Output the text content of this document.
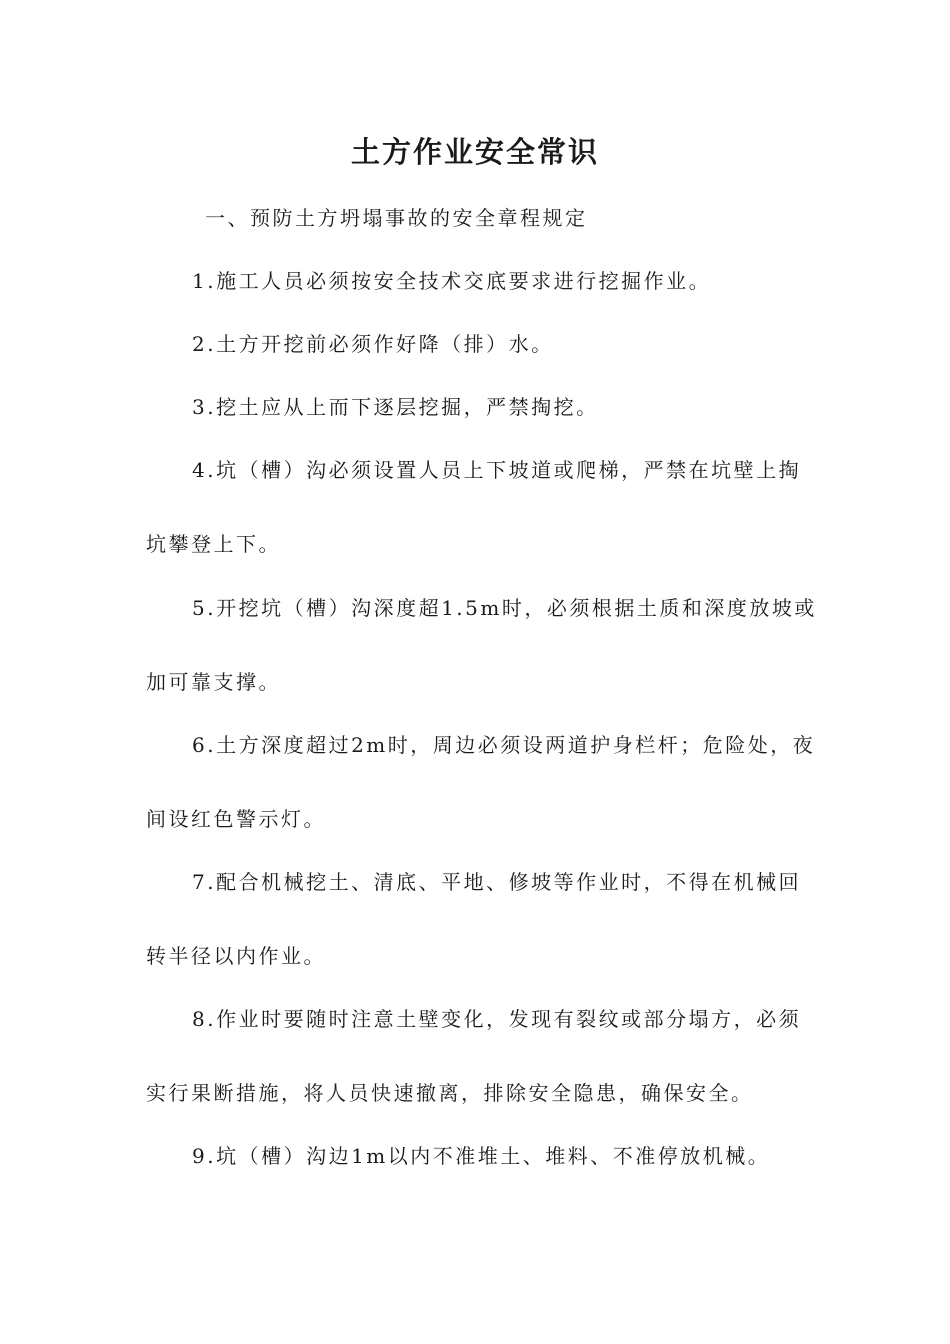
土方作业安全常识
一、预防土方坍塌事故的安全章程规定
1.施工人员必须按安全技术交底要求进行挖掘作业。
2.土方开挖前必须作好降（排）水。
3.挖土应从上而下逐层挖掘，严禁掏挖。
4.坑（槽）沟必须设置人员上下坡道或爬梯，严禁在坑壁上掏
坑攀登上下。
5.开挖坑（槽）沟深度超1.5m时，必须根据土质和深度放坡或
加可靠支撑。
6.土方深度超过2m时，周边必须设两道护身栏杆；危险处，夜
间设红色警示灯。
7.配合机械挖土、清底、平地、修坡等作业时，不得在机械回
转半径以内作业。
8.作业时要随时注意土壁变化，发现有裂纹或部分塌方，必须
实行果断措施，将人员快速撤离，排除安全隐患，确保安全。
9.坑（槽）沟边1m以内不准堆土、堆料、不准停放机械。
